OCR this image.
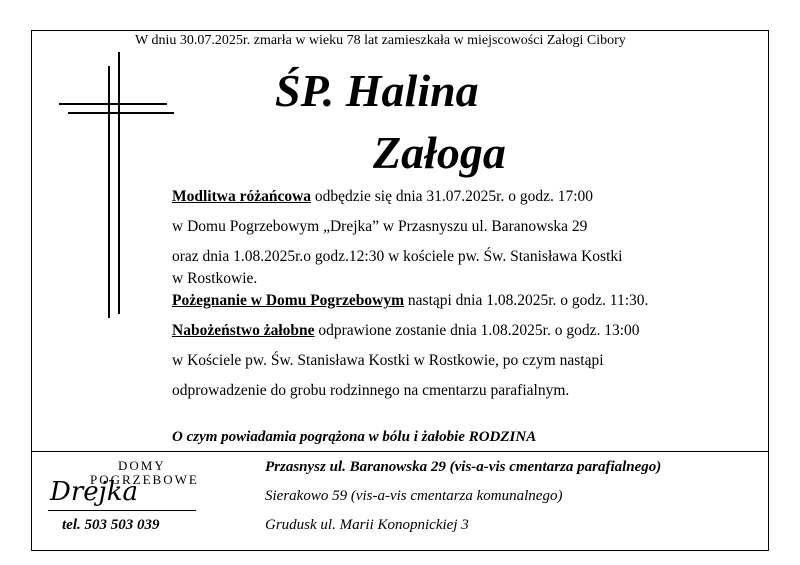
W dniu 30.07.2025r. zmarła w wieku 78 lat zamieszkała w miejscowości Załogi Cibory
ŚP. Halina
Załoga
Modlitwa różańcowa odbędzie się dnia 31.07.2025r. o godz. 17:00
w Domu Pogrzebowym „Drejka” w Przasnyszu ul. Baranowska 29
oraz dnia 1.08.2025r.o godz.12:30 w kościele pw. Św. Stanisława Kostki
w Rostkowie.
Pożegnanie w Domu Pogrzebowym nastąpi dnia 1.08.2025r. o godz. 11:30.
Nabożeństwo żałobne odprawione zostanie dnia 1.08.2025r. o godz. 13:00
w Kościele pw. Św. Stanisława Kostki w Rostkowie, po czym nastąpi
odprowadzenie do grobu rodzinnego na cmentarzu parafialnym.
O czym powiadamia pogrążona w bólu i żałobie RODZINA
DOMY
POGRZEBOWE
Drejka
tel. 503 503 039
Przasnysz ul. Baranowska 29 (vis-a-vis cmentarza parafialnego)
Sierakowo 59 (vis-a-vis cmentarza komunalnego)
Grudusk ul. Marii Konopnickiej 3
